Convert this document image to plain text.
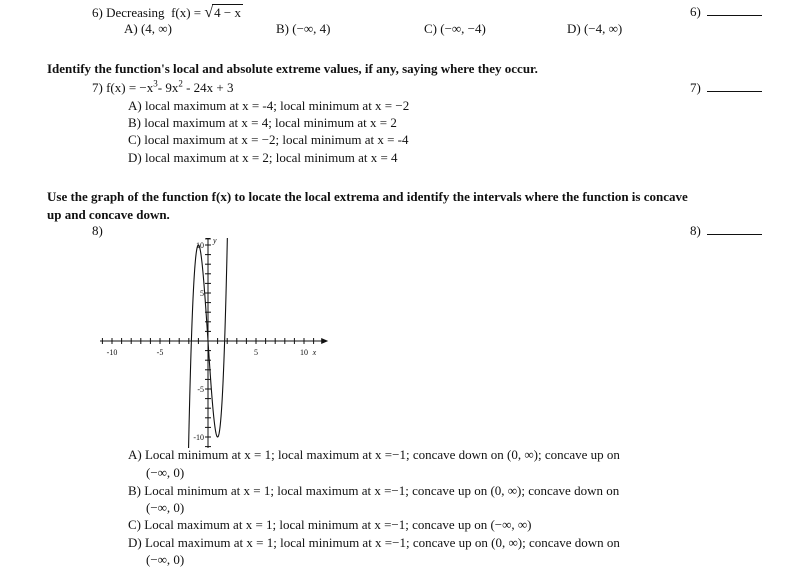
6) Decreasing f(x) = √4 − x
A) (4, ∞)	B) (−∞, 4)	C) (−∞, −4)	D) (−4, ∞)
6)
Identify the function's local and absolute extreme values, if any, saying where they occur.
7) $f(x) = -x^3-$ $9x^2 - 24x + 3$	7)
A) local maximum at x = -4; local minimum at x = −2
B) local maximum at x = 4; local minimum at x = 2
C) local maximum at x = −2; local minimum at x = -4
D) local maximum at x = 2; local minimum at x = 4
Use the graph of the function f(x) to locate the local extrema and identify the intervals where the function is concave
up and concave down.
8)	8)
y
x
-10	-5	5	10
10
5
-5
-10
A) Local minimum at x = 1; local maximum at x =−1; concave down on (0, ∞); concave up on
(−∞, 0)
B) Local minimum at x = 1; local maximum at x =−1; concave up on (0, ∞); concave down on
(−∞, 0)
C) Local maximum at x = 1; local minimum at x =−1; concave up on (−∞, ∞)
D) Local maximum at x = 1; local minimum at x =−1; concave up on (0, ∞); concave down on
(−∞, 0)
